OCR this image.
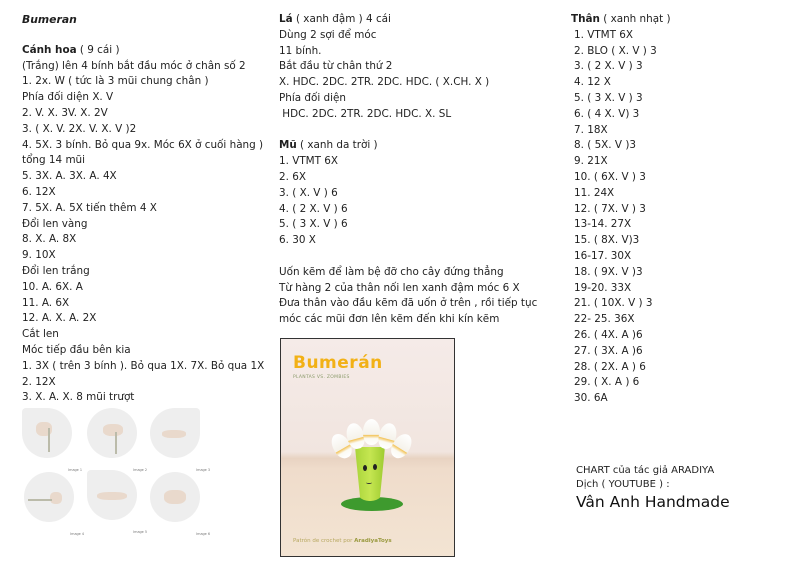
Bumeran
Cánh hoa ( 9 cái )
(Trắng) lên 4 bính bắt đầu móc ở chân số 2
1. 2x. W ( tức là 3 mũi chung chân )
Phía đối diện X. V
2. V. X. 3V. X. 2V
3. ( X. V. 2X. V. X. V )2
4. 5X. 3 bính. Bỏ qua 9x. Móc 6X ở cuối hàng )
tổng 14 mũi
5. 3X. A. 3X. A. 4X
6. 12X
7. 5X. A. 5X tiến thêm 4 X
Đổi len vàng
8. X. A. 8X
9. 10X
Đổi len trắng
10. A. 6X. A
11. A. 6X
12. A. X. A. 2X
Cắt len
Móc tiếp đầu bên kia
1. 3X ( trên 3 bính ). Bỏ qua 1X. 7X. Bỏ qua 1X
2. 12X
3. X. A. X. 8 mũi trượt
Image 1	Image 2	Image 3
Image 4	Image 5	Image 6
Lá ( xanh đậm ) 4 cái
Dùng 2 sợi để móc
11 bính.
Bắt đầu từ chân thứ 2
X. HDC. 2DC. 2TR. 2DC. HDC. ( X.CH. X )
Phía đối diện
HDC. 2DC. 2TR. 2DC. HDC. X. SL
Mũ ( xanh da trời )
1. VTMT 6X
2. 6X
3. ( X. V ) 6
4. ( 2 X. V ) 6
5. ( 3 X. V ) 6
6. 30 X
Uốn kẽm để làm bệ đỡ cho cây đứng thẳng
Từ hàng 2 của thân nối len xanh đậm móc 6 X
Đưa thân vào đầu kẽm đã uốn ở trên , rồi tiếp tục
móc các mũi đơn lên kẽm đến khi kín kẽm
Bumerán
PLANTAS VS. ZOMBIES
Patrón de crochet por AradiyaToys
Thân ( xanh nhạt )
1. VTMT 6X
2. BLO ( X. V ) 3
3. ( 2 X. V ) 3
4. 12 X
5. ( 3 X. V ) 3
6. ( 4 X. V) 3
7. 18X
8. ( 5X. V )3
9. 21X
10. ( 6X. V ) 3
11. 24X
12. ( 7X. V ) 3
13-14. 27X
15. ( 8X. V)3
16-17. 30X
18. ( 9X. V )3
19-20. 33X
21. ( 10X. V ) 3
22- 25. 36X
26. ( 4X. A )6
27. ( 3X. A )6
28. ( 2X. A ) 6
29. ( X. A ) 6
30. 6A
CHART của tác giả ARADIYA
Dịch ( YOUTUBE ) :
Vân Anh Handmade
